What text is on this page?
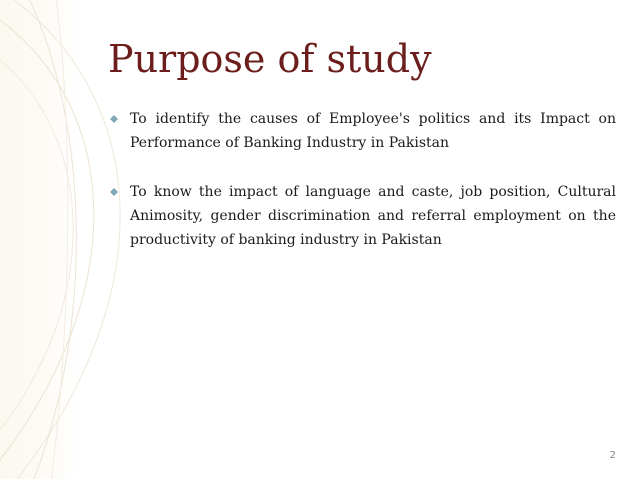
Purpose of study
To identify the causes of Employee's politics and its Impact on Performance of Banking Industry in Pakistan
To know the impact of language and caste, job position, Cultural Animosity, gender discrimination and referral employment on the productivity of banking industry in Pakistan
2
